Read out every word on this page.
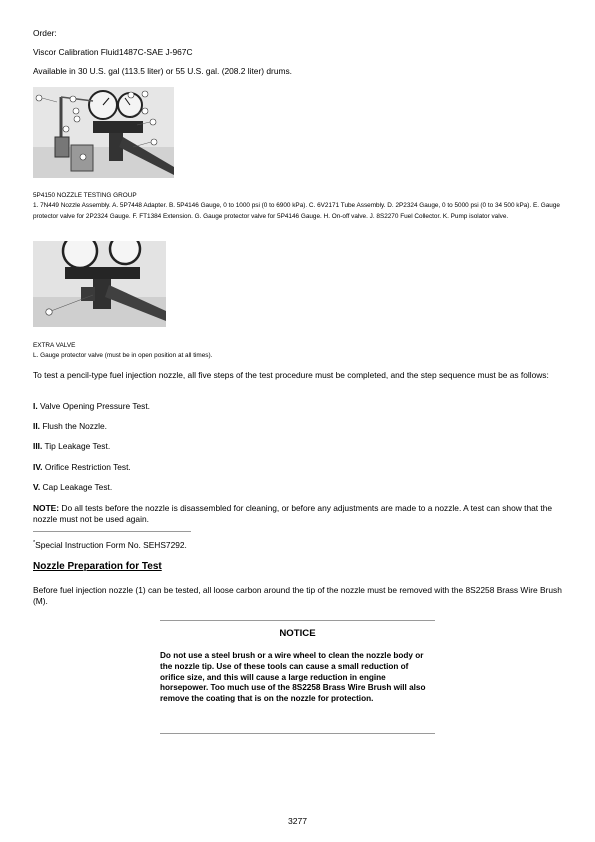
Order:
Viscor Calibration Fluid1487C-SAE J-967C
Available in 30 U.S. gal (113.5 liter) or 55 U.S. gal. (208.2 liter) drums.
5P4150 NOZZLE TESTING GROUP
1. 7N449 Nozzle Assembly. A. 5P7448 Adapter. B. 5P4146 Gauge, 0 to 1000 psi (0 to 6900 kPa). C. 6V2171 Tube Assembly. D. 2P2324 Gauge, 0 to 5000 psi (0 to 34 500 kPa). E. Gauge protector valve for 2P2324 Gauge. F. FT1384 Extension. G. Gauge protector valve for 5P4146 Gauge. H. On-off valve. J. 8S2270 Fuel Collector. K. Pump isolator valve.
EXTRA VALVE
L. Gauge protector valve (must be in open position at all times).
To test a pencil-type fuel injection nozzle, all five steps of the test procedure must be completed, and the step sequence must be as follows:
I. Valve Opening Pressure Test.
II. Flush the Nozzle.
III. Tip Leakage Test.
IV. Orifice Restriction Test.
V. Cap Leakage Test.
NOTE: Do all tests before the nozzle is disassembled for cleaning, or before any adjustments are made to a nozzle. A test can show that the nozzle must not be used again.
*Special Instruction Form No. SEHS7292.
Nozzle Preparation for Test
Before fuel injection nozzle (1) can be tested, all loose carbon around the tip of the nozzle must be removed with the 8S2258 Brass Wire Brush (M).
NOTICE
Do not use a steel brush or a wire wheel to clean the nozzle body or the nozzle tip. Use of these tools can cause a small reduction of orifice size, and this will cause a large reduction in engine horsepower. Too much use of the 8S2258 Brass Wire Brush will also remove the coating that is on the nozzle for protection.
3277
